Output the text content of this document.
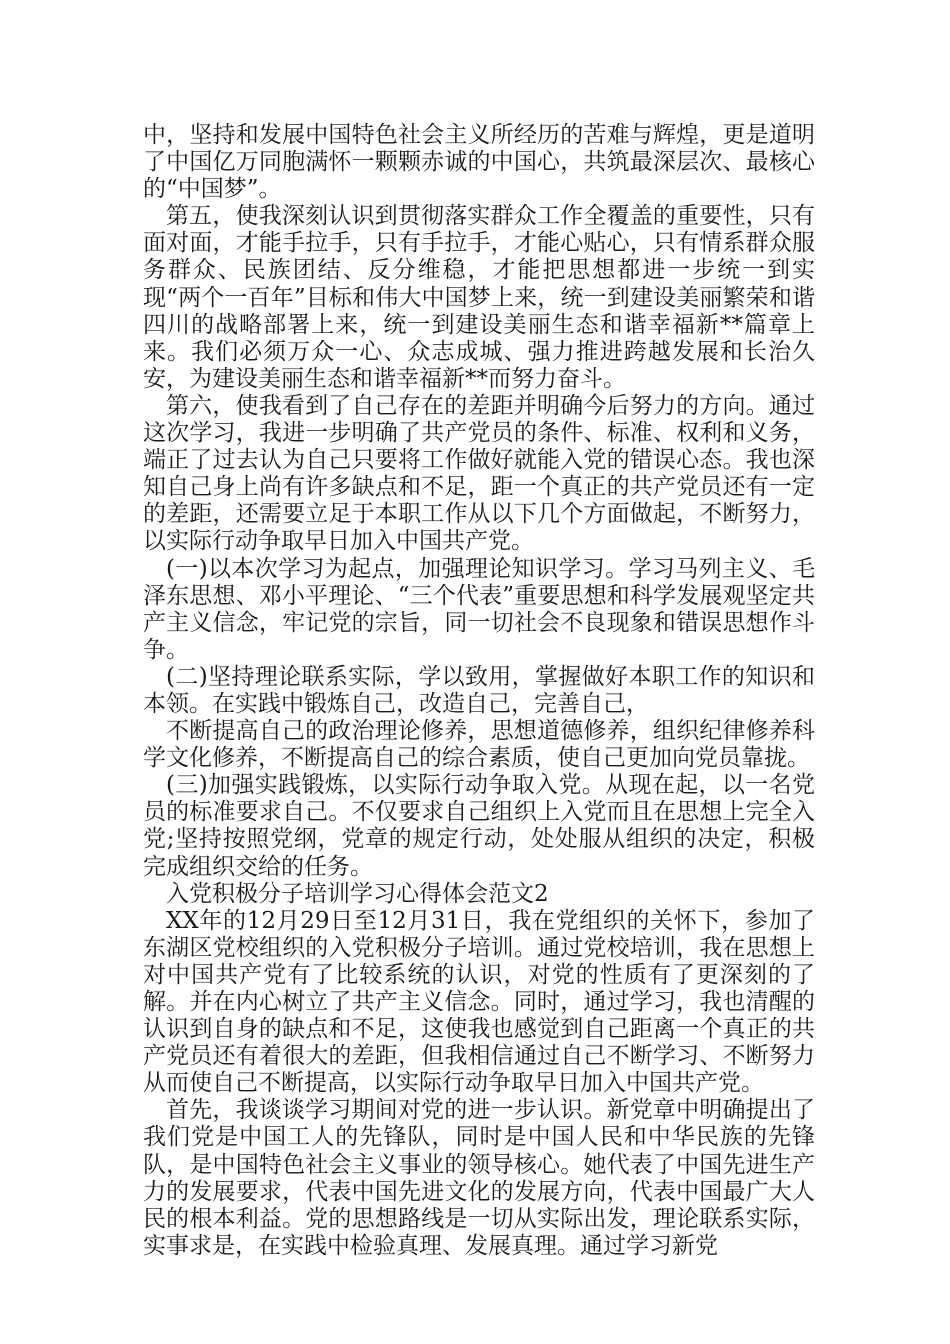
中，坚持和发展中国特色社会主义所经历的苦难与辉煌，更是道明了中国亿万同胞满怀一颗颗赤诚的中国心，共筑最深层次、最核心的“中国梦”。

第五，使我深刻认识到贯彻落实群众工作全覆盖的重要性，只有面对面，才能手拉手，只有手拉手，才能心贴心，只有情系群众服务群众、民族团结、反分维稳，才能把思想都进一步统一到实现“两个一百年”目标和伟大中国梦上来，统一到建设美丽繁荣和谐四川的战略部署上来，统一到建设美丽生态和谐幸福新**篇章上来。我们必须万众一心、众志成城、强力推进跨越发展和长治久安，为建设美丽生态和谐幸福新**而努力奋斗。

第六，使我看到了自己存在的差距并明确今后努力的方向。通过这次学习，我进一步明确了共产党员的条件、标准、权利和义务，端正了过去认为自己只要将工作做好就能入党的错误心态。我也深知自己身上尚有许多缺点和不足，距一个真正的共产党员还有一定的差距，还需要立足于本职工作从以下几个方面做起，不断努力，以实际行动争取早日加入中国共产党。

(一)以本次学习为起点，加强理论知识学习。学习马列主义、毛泽东思想、邓小平理论、“三个代表”重要思想和科学发展观坚定共产主义信念，牢记党的宗旨，同一切社会不良现象和错误思想作斗争。

(二)坚持理论联系实际，学以致用，掌握做好本职工作的知识和本领。在实践中锻炼自己，改造自己，完善自己，

不断提高自己的政治理论修养，思想道德修养，组织纪律修养科学文化修养，不断提高自己的综合素质，使自己更加向党员靠拢。

(三)加强实践锻炼，以实际行动争取入党。从现在起，以一名党员的标准要求自己。不仅要求自己组织上入党而且在思想上完全入党;坚持按照党纲，党章的规定行动，处处服从组织的决定，积极完成组织交给的任务。

入党积极分子培训学习心得体会范文2

XX年的12月29日至12月31日，我在党组织的关怀下，参加了东湖区党校组织的入党积极分子培训。通过党校培训，我在思想上对中国共产党有了比较系统的认识，对党的性质有了更深刻的了解。并在内心树立了共产主义信念。同时，通过学习，我也清醒的认识到自身的缺点和不足，这使我也感觉到自己距离一个真正的共产党员还有着很大的差距，但我相信通过自己不断学习、不断努力从而使自己不断提高，以实际行动争取早日加入中国共产党。

首先，我谈谈学习期间对党的进一步认识。新党章中明确提出了我们党是中国工人的先锋队，同时是中国人民和中华民族的先锋队，是中国特色社会主义事业的领导核心。她代表了中国先进生产力的发展要求，代表中国先进文化的发展方向，代表中国最广大人民的根本利益。党的思想路线是一切从实际出发，理论联系实际，实事求是，在实践中检验真理、发展真理。通过学习新党
